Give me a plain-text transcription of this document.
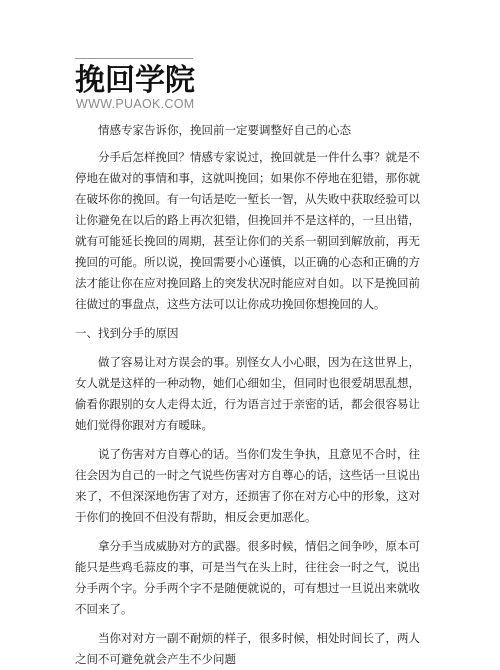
挽回学院
WWW.PUAOK.COM

情感专家告诉你，挽回前一定要调整好自己的心态

分手后怎样挽回？情感专家说过，挽回就是一件什么事？就是不停地在做对的事情和事，这就叫挽回；如果你不停地在犯错，那你就在破坏你的挽回。有一句话是吃一堑长一智，从失败中获取经验可以让你避免在以后的路上再次犯错，但挽回并不是这样的，一旦出错，就有可能延长挽回的周期，甚至让你们的关系一朝回到解放前，再无挽回的可能。所以说，挽回需要小心谨慎，以正确的心态和正确的方法才能让你在应对挽回路上的突发状况时能应对自如。以下是挽回前往做过的事盘点，这些方法可以让你成功挽回你想挽回的人。

一、找到分手的原因

做了容易让对方误会的事。别怪女人小心眼，因为在这世界上，女人就是这样的一种动物，她们心细如尘，但同时也很爱胡思乱想，偷看你跟别的女人走得太近，行为语言过于亲密的话，都会很容易让她们觉得你跟对方有暧昧。

说了伤害对方自尊心的话。当你们发生争执，且意见不合时，往往会因为自己的一时之气说些伤害对方自尊心的话，这些话一旦说出来了，不但深深地伤害了对方，还损害了你在对方心中的形象，这对于你们的挽回不但没有帮助，相反会更加恶化。

拿分手当成威胁对方的武器。很多时候，情侣之间争吵，原本可能只是些鸡毛蒜皮的事，可是当气在头上时，往往会一时之气，说出分手两个字。分手两个字不是随便就说的，可有想过一旦说出来就收不回来了。

当你对对方一副不耐烦的样子，很多时候，相处时间长了，两人之间不可避免就会产生不少问题
